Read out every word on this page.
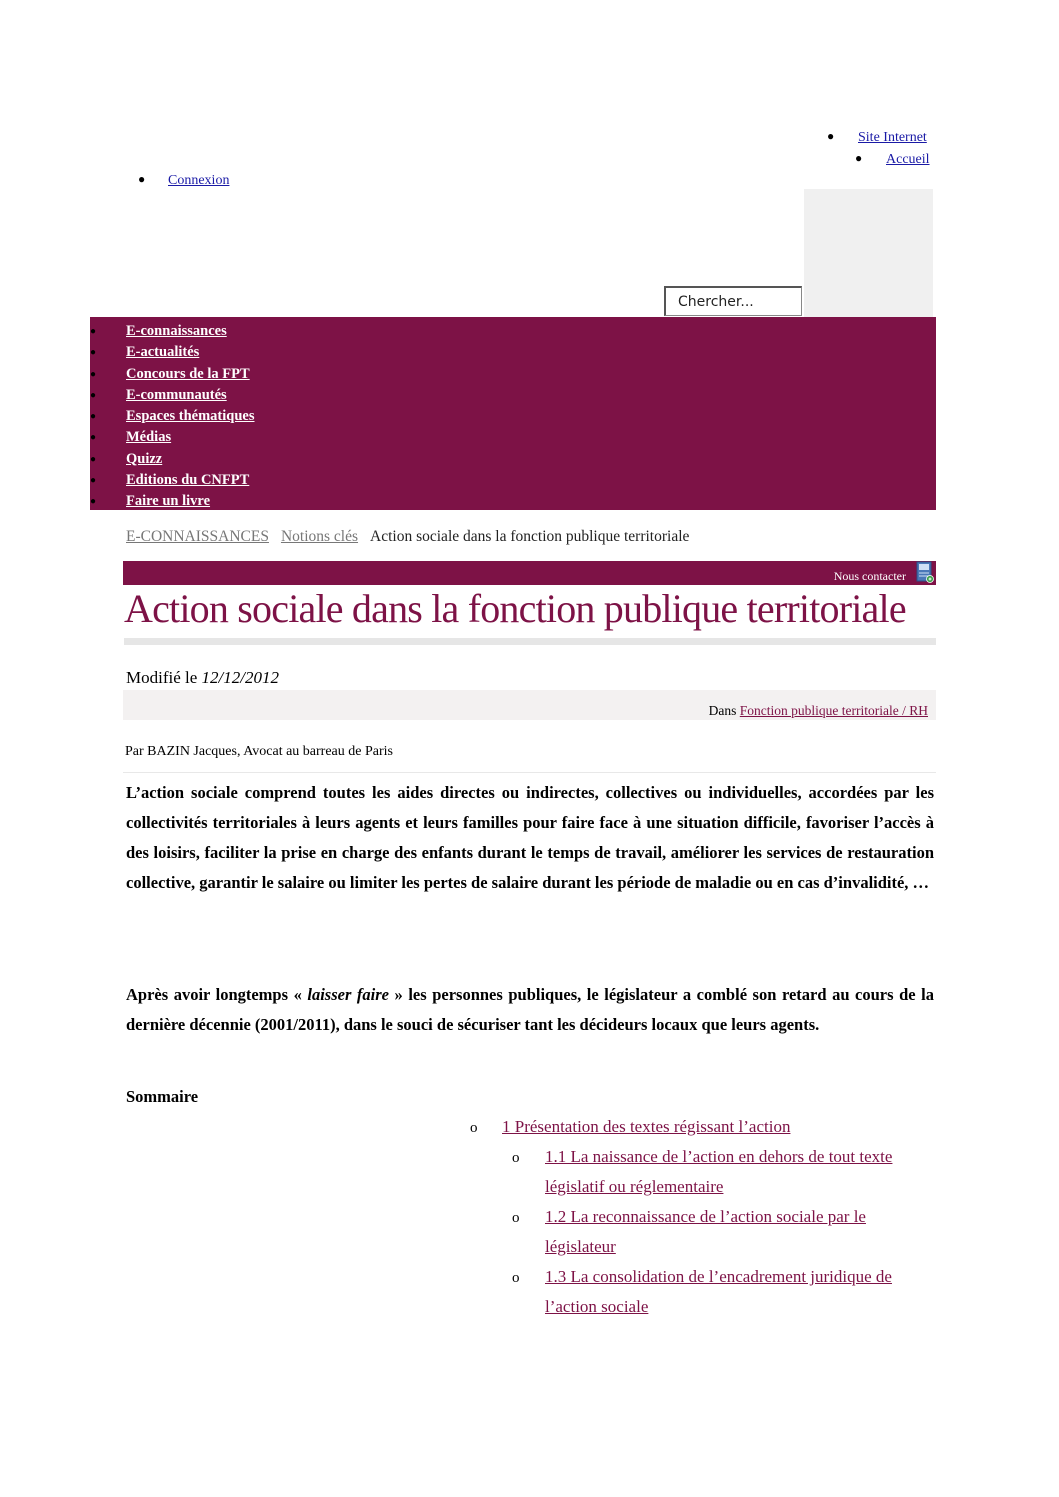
● Site Internet
● Accueil
● Connexion
Chercher...
● E-connaissances
● E-actualités
● Concours de la FPT
● E-communautés
● Espaces thématiques
● Médias
● Quizz
● Editions du CNFPT
● Faire un livre
E-CONNAISSANCES Notions clés Action sociale dans la fonction publique territoriale
Nous contacter
Action sociale dans la fonction publique territoriale
Modifié le 12/12/2012
Dans Fonction publique territoriale / RH
Par BAZIN Jacques, Avocat au barreau de Paris
L’action sociale comprend toutes les aides directes ou indirectes, collectives ou individuelles, accordées par les collectivités territoriales à leurs agents et leurs familles pour faire face à une situation difficile, favoriser l’accès à des loisirs, faciliter la prise en charge des enfants durant le temps de travail, améliorer les services de restauration collective, garantir le salaire ou limiter les pertes de salaire durant les période de maladie ou en cas d’invalidité, …
Après avoir longtemps « laisser faire » les personnes publiques, le législateur a comblé son retard au cours de la dernière décennie (2001/2011), dans le souci de sécuriser tant les décideurs locaux que leurs agents.
Sommaire
o 1 Présentation des textes régissant l’action
o 1.1 La naissance de l’action en dehors de tout texte
législatif ou réglementaire
o 1.2 La reconnaissance de l’action sociale par le
législateur
o 1.3 La consolidation de l’encadrement juridique de
l’action sociale
